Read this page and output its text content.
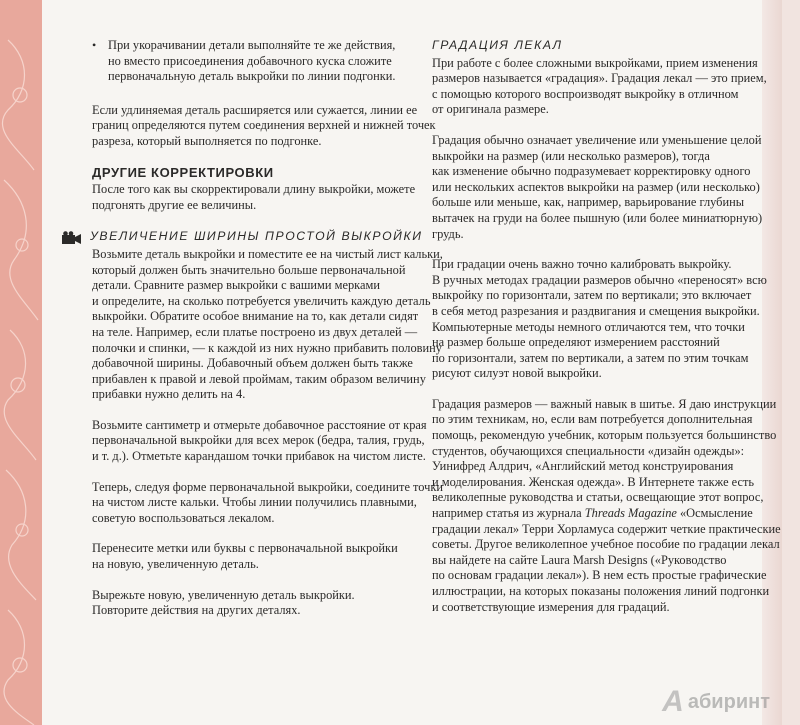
• При укорачивании детали выполняйте те же действия,
но вместо присоединения добавочного куска сложите
первоначальную деталь выкройки по линии подгонки.

Если удлиняемая деталь расширяется или сужается, линии ее
границ определяются путем соединения верхней и нижней точек
разреза, который выполняется по подгонке.

ДРУГИЕ КОРРЕКТИРОВКИ

После того как вы скорректировали длину выкройки, можете
подгонять другие ее величины.

УВЕЛИЧЕНИЕ ШИРИНЫ ПРОСТОЙ ВЫКРОЙКИ

Возьмите деталь выкройки и поместите ее на чистый лист кальки,
который должен быть значительно больше первоначальной
детали. Сравните размер выкройки с вашими мерками
и определите, на сколько потребуется увеличить каждую деталь
выкройки. Обратите особое внимание на то, как детали сидят
на теле. Например, если платье построено из двух деталей —
полочки и спинки, — к каждой из них нужно прибавить половину
добавочной ширины. Добавочный объем должен быть также
прибавлен к правой и левой проймам, таким образом величину
прибавки нужно делить на 4.

Возьмите сантиметр и отмерьте добавочное расстояние от края
первоначальной выкройки для всех мерок (бедра, талия, грудь,
и т. д.). Отметьте карандашом точки прибавок на чистом листе.

Теперь, следуя форме первоначальной выкройки, соедините точки
на чистом листе кальки. Чтобы линии получились плавными,
советую воспользоваться лекалом.

Перенесите метки или буквы с первоначальной выкройки
на новую, увеличенную деталь.

Вырежьте новую, увеличенную деталь выкройки.
Повторите действия на других деталях.

ГРАДАЦИЯ ЛЕКАЛ

При работе с более сложными выкройками, прием изменения
размеров называется «градация». Градация лекал — это прием,
с помощью которого воспроизводят выкройку в отличном
от оригинала размере.

Градация обычно означает увеличение или уменьшение целой
выкройки на размер (или несколько размеров), тогда
как изменение обычно подразумевает корректировку одного
или нескольких аспектов выкройки на размер (или несколько)
больше или меньше, как, например, варьирование глубины
вытачек на груди на более пышную (или более миниатюрную)
грудь.

При градации очень важно точно калибровать выкройку.
В ручных методах градации размеров обычно «переносят» всю
выкройку по горизонтали, затем по вертикали; это включает
в себя метод разрезания и раздвигания и смещения выкройки.
Компьютерные методы немного отличаются тем, что точки
на размер больше определяют измерением расстояний
по горизонтали, затем по вертикали, а затем по этим точкам
рисуют силуэт новой выкройки.

Градация размеров — важный навык в шитье. Я даю инструкции
по этим техникам, но, если вам потребуется дополнительная
помощь, рекомендую учебник, которым пользуется большинство
студентов, обучающихся специальности «дизайн одежды»:
Уинифред Алдрич, «Английский метод конструирования
и моделирования. Женская одежда». В Интернете также есть
великолепные руководства и статьи, освещающие этот вопрос,
например статья из журнала Threads Magazine «Осмысление
градации лекал» Терри Хорламуса содержит четкие практические
советы. Другое великолепное учебное пособие по градации лекал
вы найдете на сайте Laura Marsh Designs («Руководство
по основам градации лекал»). В нем есть простые графические
иллюстрации, на которых показаны положения линий подгонки
и соответствующие измерения для градаций.

A абиринт
